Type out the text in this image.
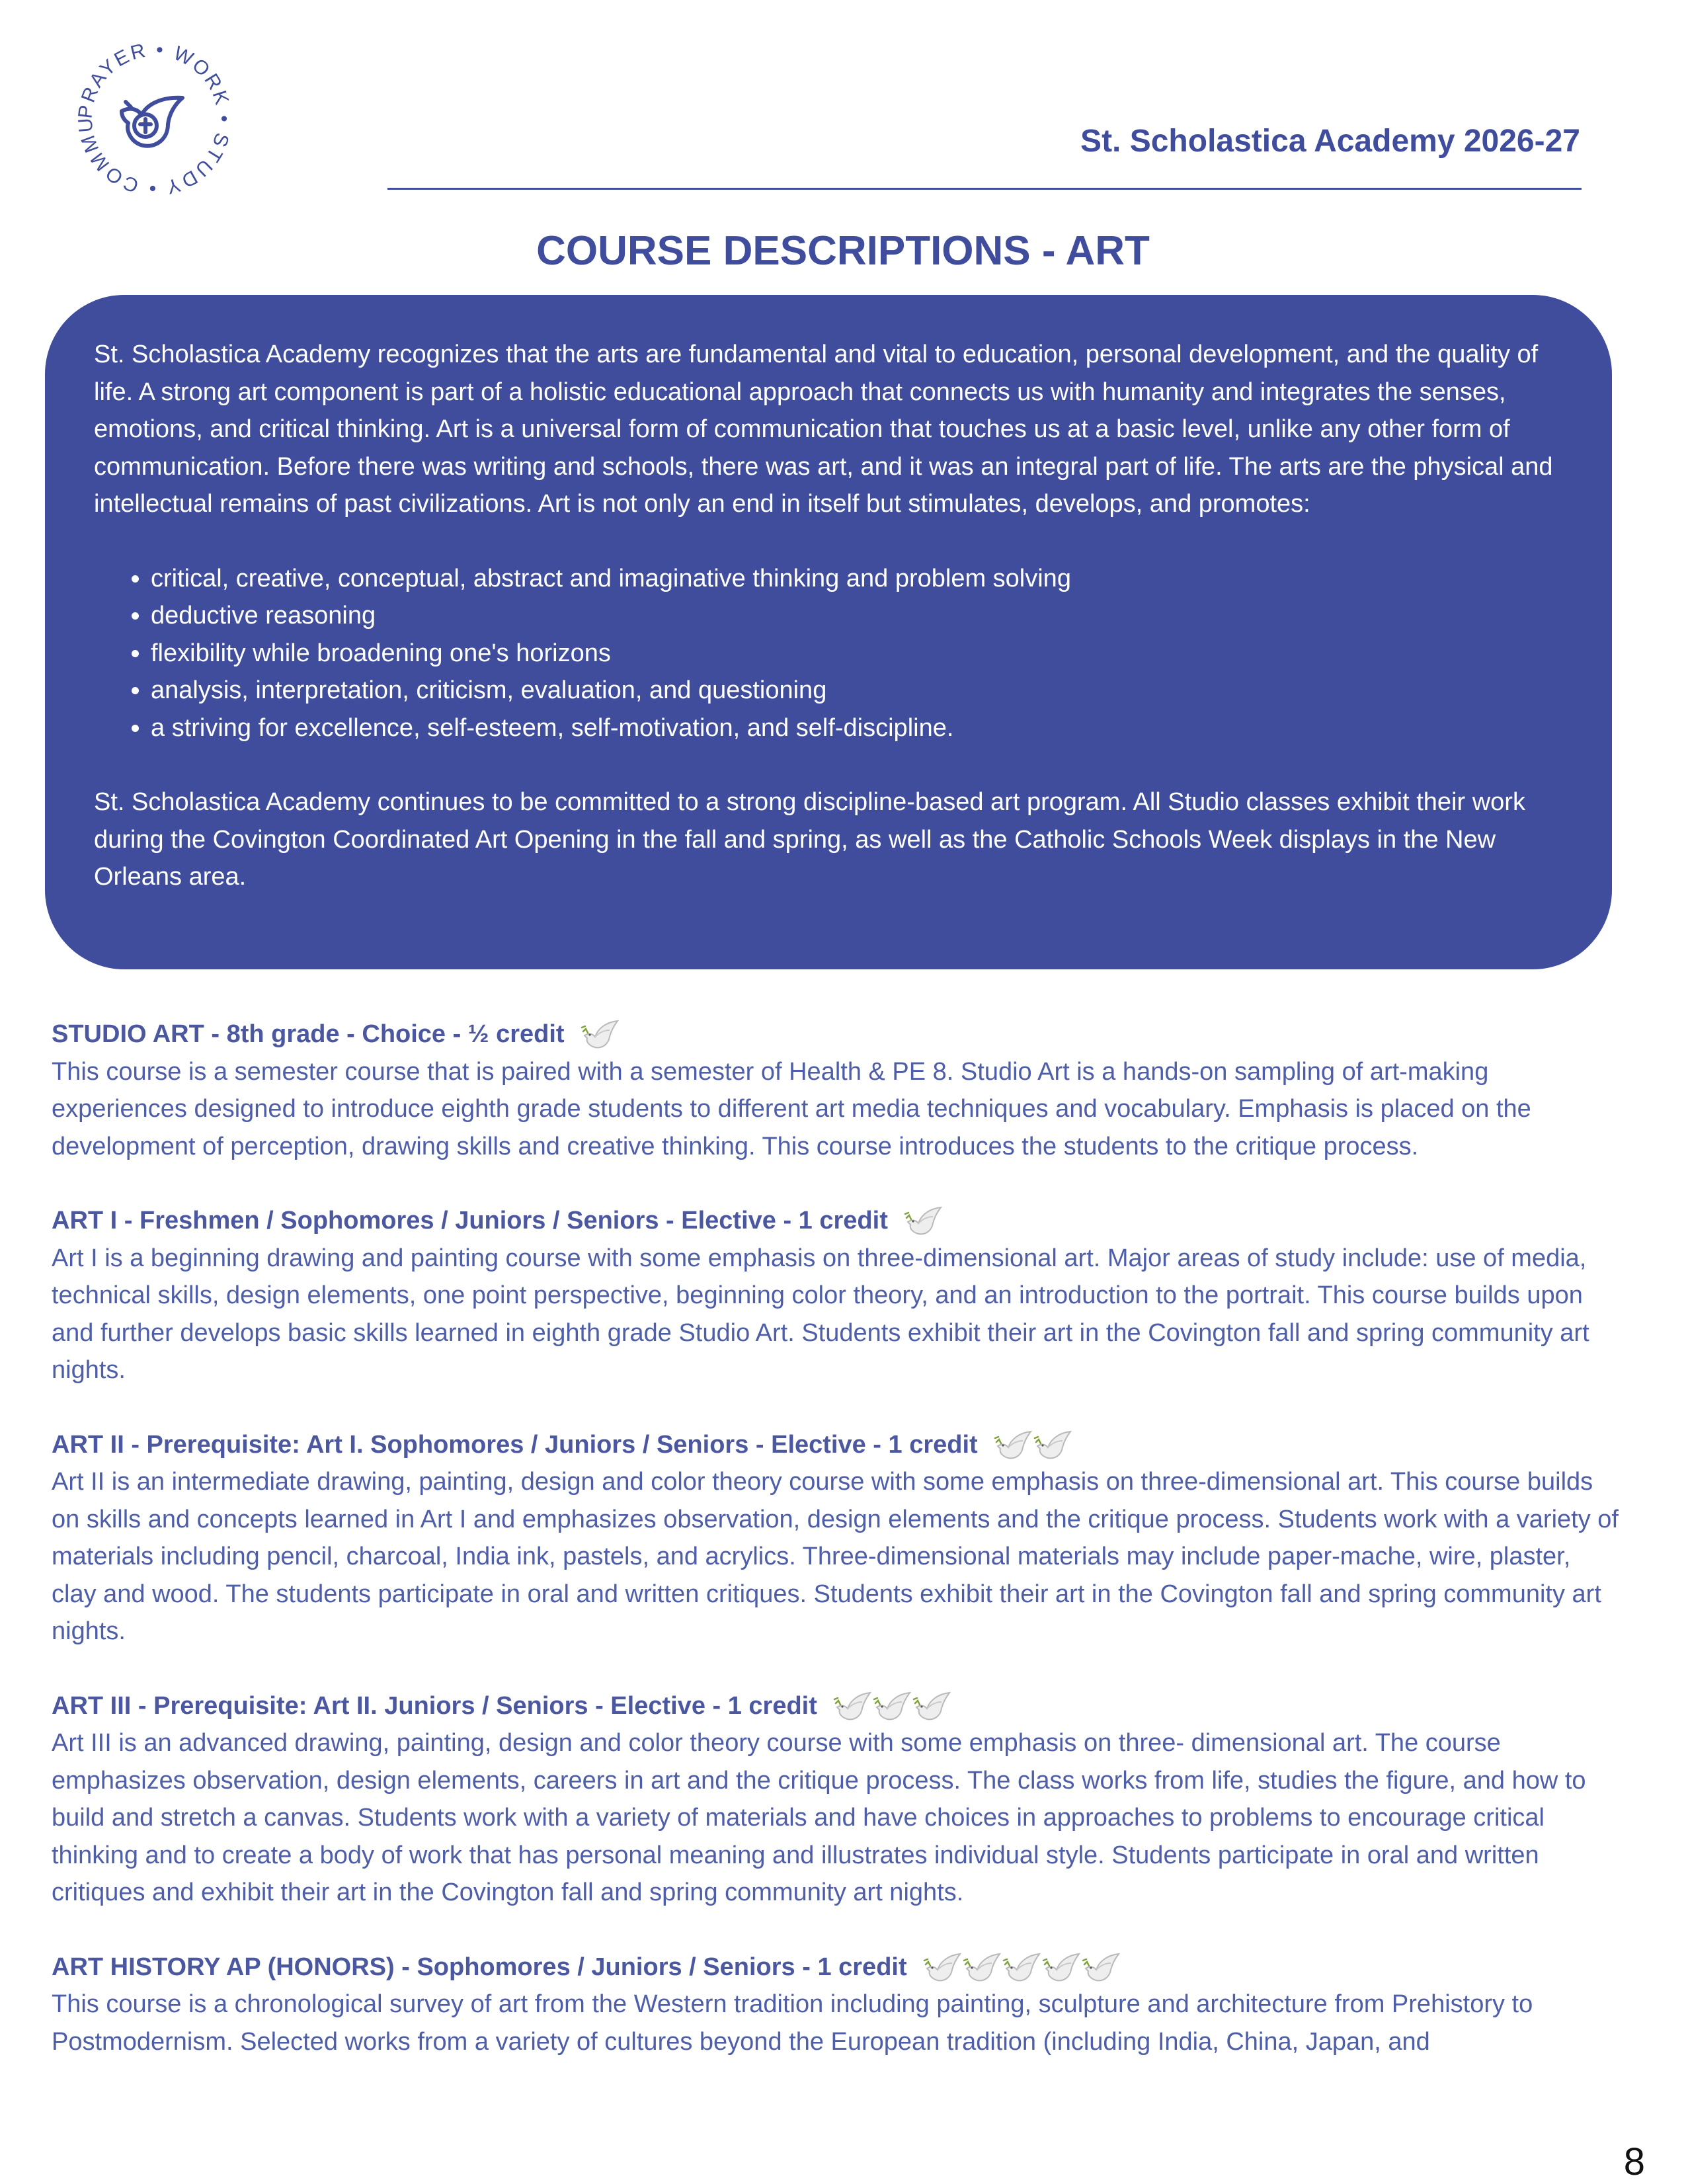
PRAYER • WORK • STUDY • COMMU	St. Scholastica Academy 2026-27
COURSE DESCRIPTIONS - ART

St. Scholastica Academy recognizes that the arts are fundamental and vital to education, personal development, and the quality of life. A strong art component is part of a holistic educational approach that connects us with humanity and integrates the senses, emotions, and critical thinking. Art is a universal form of communication that touches us at a basic level, unlike any other form of communication. Before there was writing and schools, there was art, and it was an integral part of life. The arts are the physical and intellectual remains of past civilizations. Art is not only an end in itself but stimulates, develops, and promotes:

• critical, creative, conceptual, abstract and imaginative thinking and problem solving
• deductive reasoning
• flexibility while broadening one's horizons
• analysis, interpretation, criticism, evaluation, and questioning
• a striving for excellence, self-esteem, self-motivation, and self-discipline.

St. Scholastica Academy continues to be committed to a strong discipline-based art program. All Studio classes exhibit their work during the Covington Coordinated Art Opening in the fall and spring, as well as the Catholic Schools Week displays in the New Orleans area.

STUDIO ART - 8th grade - Choice - ½ credit
This course is a semester course that is paired with a semester of Health & PE 8. Studio Art is a hands-on sampling of art-making experiences designed to introduce eighth grade students to different art media techniques and vocabulary. Emphasis is placed on the development of perception, drawing skills and creative thinking. This course introduces the students to the critique process.
ART I - Freshmen / Sophomores / Juniors / Seniors - Elective - 1 credit
Art I is a beginning drawing and painting course with some emphasis on three-dimensional art. Major areas of study include: use of media, technical skills, design elements, one point perspective, beginning color theory, and an introduction to the portrait. This course builds upon and further develops basic skills learned in eighth grade Studio Art. Students exhibit their art in the Covington fall and spring community art nights.
ART II - Prerequisite: Art I. Sophomores / Juniors / Seniors - Elective - 1 credit
Art II is an intermediate drawing, painting, design and color theory course with some emphasis on three-dimensional art. This course builds on skills and concepts learned in Art I and emphasizes observation, design elements and the critique process. Students work with a variety of materials including pencil, charcoal, India ink, pastels, and acrylics. Three-dimensional materials may include paper-mache, wire, plaster, clay and wood. The students participate in oral and written critiques. Students exhibit their art in the Covington fall and spring community art nights.
ART III - Prerequisite: Art II. Juniors / Seniors - Elective - 1 credit
Art III is an advanced drawing, painting, design and color theory course with some emphasis on three- dimensional art. The course emphasizes observation, design elements, careers in art and the critique process. The class works from life, studies the figure, and how to build and stretch a canvas. Students work with a variety of materials and have choices in approaches to problems to encourage critical thinking and to create a body of work that has personal meaning and illustrates individual style. Students participate in oral and written critiques and exhibit their art in the Covington fall and spring community art nights.
ART HISTORY AP (HONORS) - Sophomores / Juniors / Seniors - 1 credit
This course is a chronological survey of art from the Western tradition including painting, sculpture and architecture from Prehistory to Postmodernism. Selected works from a variety of cultures beyond the European tradition (including India, China, Japan, and
8
